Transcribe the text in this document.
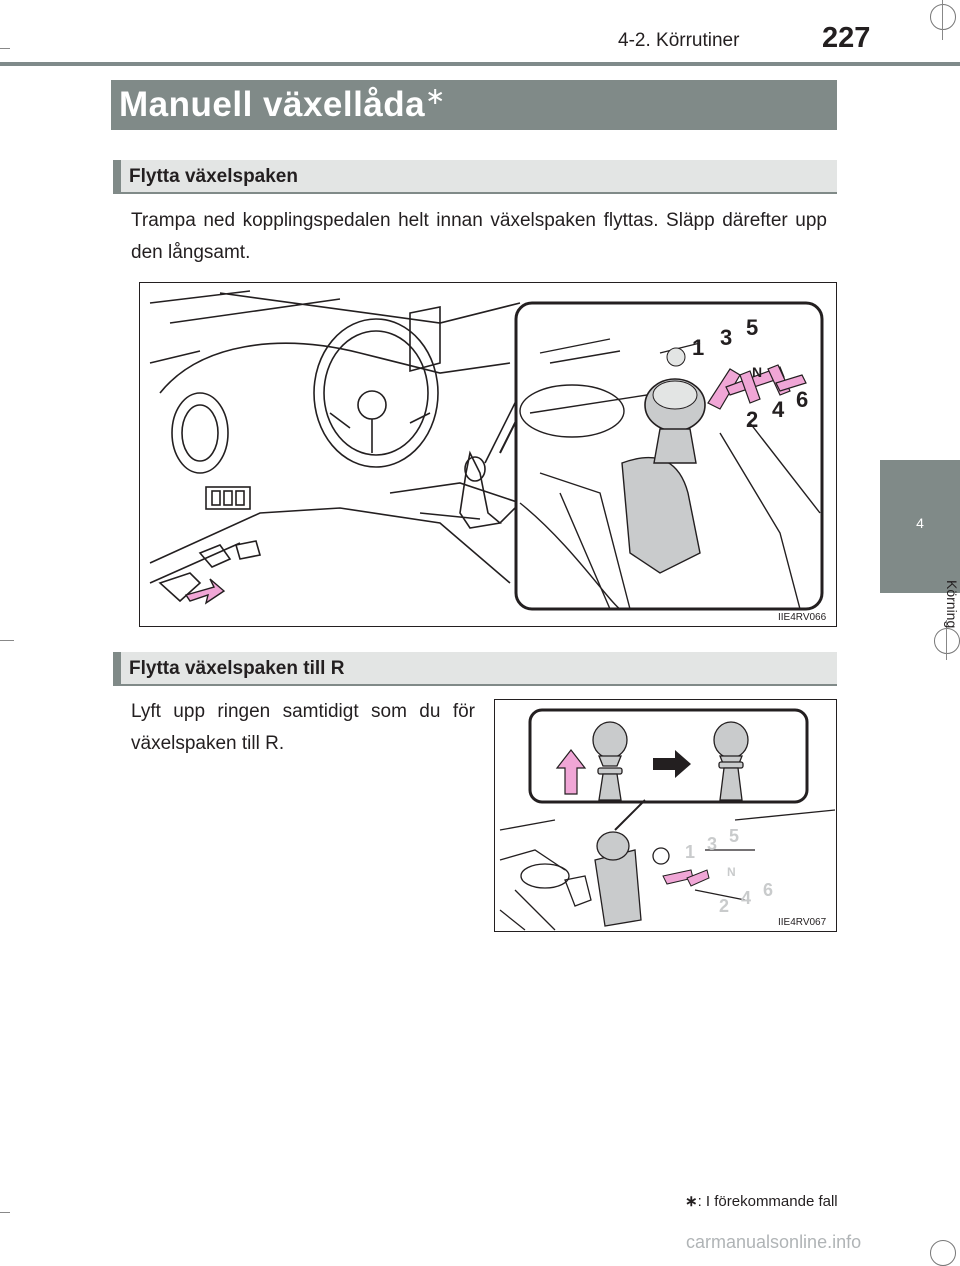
4-2. Körrutiner	227
Manuell växellåda∗
Flytta växelspaken
Trampa ned kopplingspedalen helt innan växelspaken flyttas. Släpp därefter upp den långsamt.
1 3 5
N
2 4 6
IIE4RV066
Flytta växelspaken till R
Lyft upp ringen samtidigt som du för växelspaken till R.
1 3 5
N
2 4 6
IIE4RV067
4
Körning
∗: I förekommande fall
carmanualsonline.info
